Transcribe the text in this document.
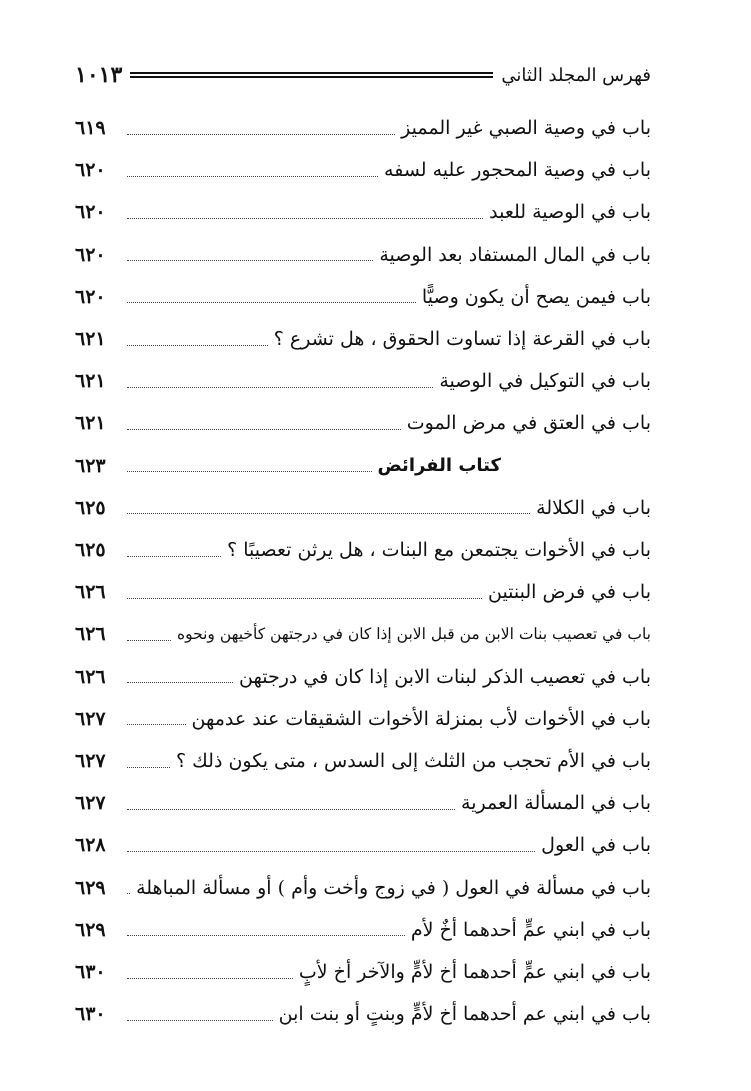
فهرس المجلد الثاني
١٠١٣
باب في وصية الصبي غير المميز
٦١٩
باب في وصية المحجور عليه لسفه
٦٢٠
باب في الوصية للعبد
٦٢٠
باب في المال المستفاد بعد الوصية
٦٢٠
باب فيمن يصح أن يكون وصيًّا
٦٢٠
باب في القرعة إذا تساوت الحقوق ، هل تشرع ؟
٦٢١
باب في التوكيل في الوصية
٦٢١
باب في العتق في مرض الموت
٦٢١
كتاب الفرائض
٦٢٣
باب في الكلالة
٦٢٥
باب في الأخوات يجتمعن مع البنات ، هل يرثن تعصيبًا ؟
٦٢٥
باب في فرض البنتين
٦٢٦
باب في تعصيب بنات الابن من قبل الابن إذا كان في درجتهن كأخيهن ونحوه
٦٢٦
باب في تعصيب الذكر لبنات الابن إذا كان في درجتهن
٦٢٦
باب في الأخوات لأب بمنزلة الأخوات الشقيقات عند عدمهن
٦٢٧
باب في الأم تحجب من الثلث إلى السدس ، متى يكون ذلك ؟
٦٢٧
باب في المسألة العمرية
٦٢٧
باب في العول
٦٢٨
باب في مسألة في العول ( في زوج وأخت وأم ) أو مسألة المباهلة
٦٢٩
باب في ابني عمٍّ أحدهما أخٌ لأم
٦٢٩
باب في ابني عمٍّ أحدهما أخ لأمٍّ والآخر أخ لأبٍ
٦٣٠
باب في ابني عم أحدهما أخ لأمٍّ وبنتٍ أو بنت ابن
٦٣٠
